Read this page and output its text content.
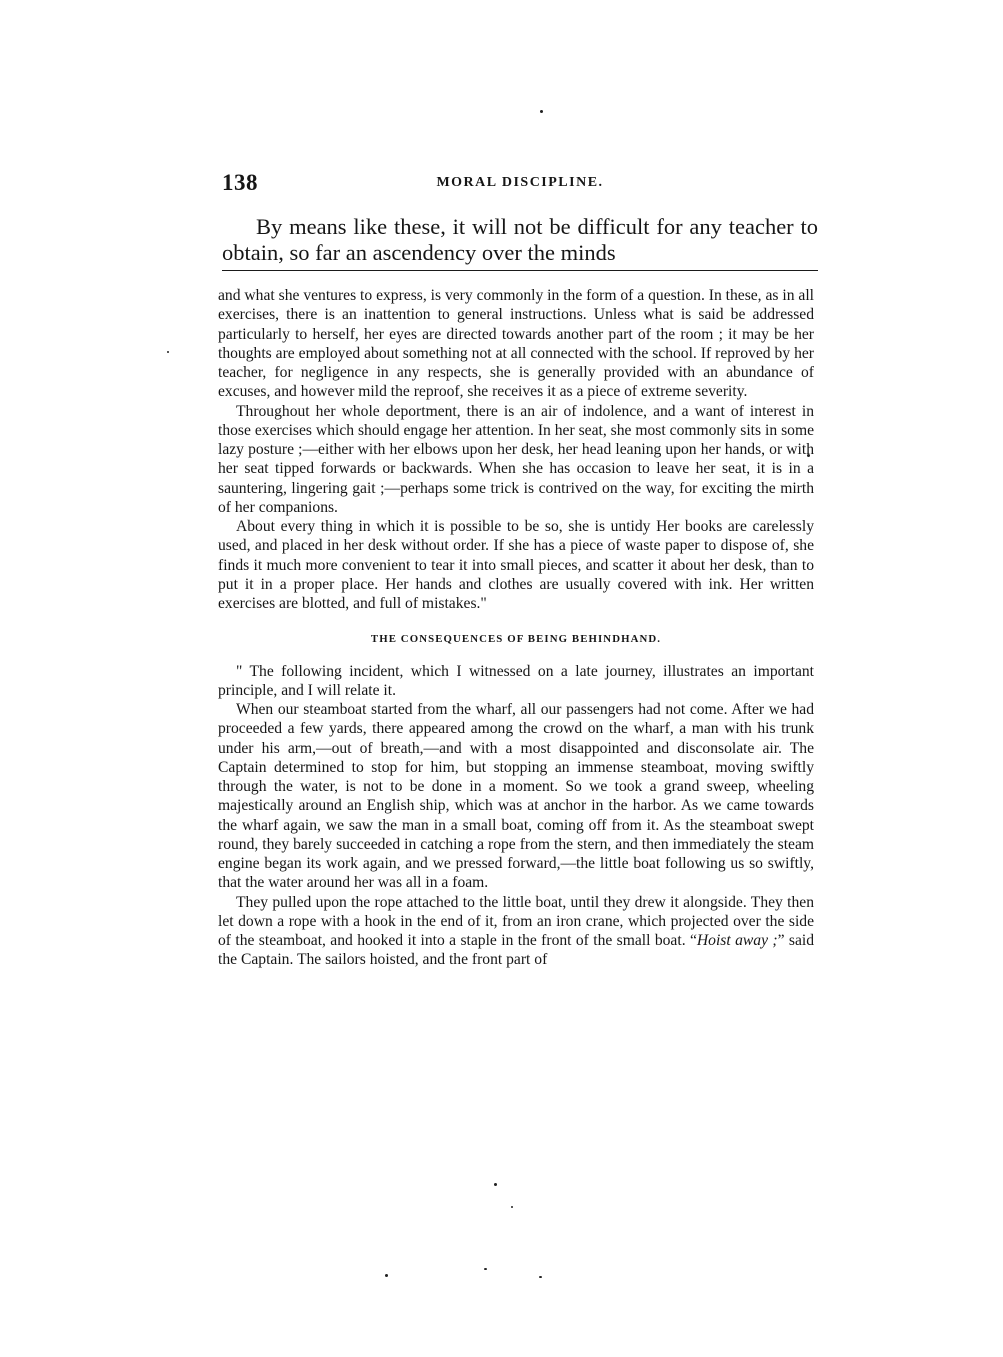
138	MORAL DISCIPLINE.

By means like these, it will not be difficult for any teacher to obtain, so far an ascendency over the minds

and what she ventures to express, is very commonly in the form of a question. In these, as in all exercises, there is an inattention to general instructions. Unless what is said be addressed particularly to herself, her eyes are directed towards another part of the room ; it may be her thoughts are employed about something not at all connected with the school. If reproved by her teacher, for negligence in any respects, she is generally provided with an abundance of excuses, and however mild the reproof, she receives it as a piece of extreme severity.

Throughout her whole deportment, there is an air of indolence, and a want of interest in those exercises which should engage her attention. In her seat, she most commonly sits in some lazy posture ;—either with her elbows upon her desk, her head leaning upon her hands, or with her seat tipped forwards or backwards. When she has occasion to leave her seat, it is in a sauntering, lingering gait ;—perhaps some trick is contrived on the way, for exciting the mirth of her companions.

About every thing in which it is possible to be so, she is untidy Her books are carelessly used, and placed in her desk without order. If she has a piece of waste paper to dispose of, she finds it much more convenient to tear it into small pieces, and scatter it about her desk, than to put it in a proper place. Her hands and clothes are usually covered with ink. Her written exercises are blotted, and full of mistakes."

THE CONSEQUENCES OF BEING BEHINDHAND.

" The following incident, which I witnessed on a late journey, illustrates an important principle, and I will relate it.

When our steamboat started from the wharf, all our passengers had not come. After we had proceeded a few yards, there appeared among the crowd on the wharf, a man with his trunk under his arm,—out of breath,—and with a most disappointed and disconsolate air. The Captain determined to stop for him, but stopping an immense steamboat, moving swiftly through the water, is not to be done in a moment. So we took a grand sweep, wheeling majestically around an English ship, which was at anchor in the harbor. As we came towards the wharf again, we saw the man in a small boat, coming off from it. As the steamboat swept round, they barely succeeded in catching a rope from the stern, and then immediately the steam engine began its work again, and we pressed forward,—the little boat following us so swiftly, that the water around her was all in a foam.

They pulled upon the rope attached to the little boat, until they drew it alongside. They then let down a rope with a hook in the end of it, from an iron crane, which projected over the side of the steamboat, and hooked it into a staple in the front of the small boat. “Hoist away ;” said the Captain. The sailors hoisted, and the front part of
